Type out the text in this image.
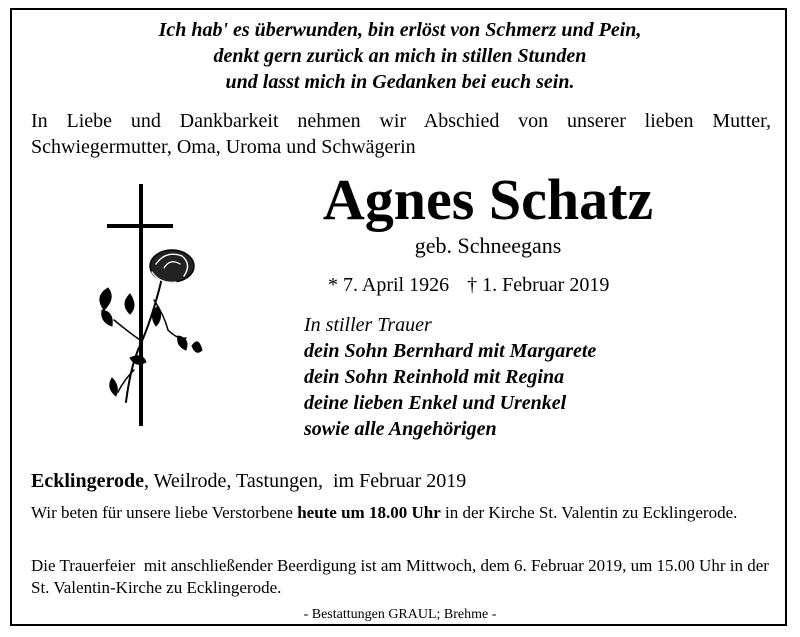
Ich hab' es überwunden, bin erlöst von Schmerz und Pein,
denkt gern zurück an mich in stillen Stunden
und lasst mich in Gedanken bei euch sein.
In Liebe und Dankbarkeit nehmen wir Abschied von unserer lieben Mutter, Schwiegermutter, Oma, Uroma und Schwägerin
Agnes Schatz
geb. Schneegans
* 7. April 1926 † 1. Februar 2019
In stiller Trauer
dein Sohn Bernhard mit Margarete
dein Sohn Reinhold mit Regina
deine lieben Enkel und Urenkel
sowie alle Angehörigen
Ecklingerode, Weilrode, Tastungen,  im Februar 2019
Wir beten für unsere liebe Verstorbene heute um 18.00 Uhr in der Kirche St. Valentin zu Ecklingerode.
Die Trauerfeier  mit anschließender Beerdigung ist am Mittwoch, dem 6. Februar 2019, um 15.00 Uhr in der St. Valentin-Kirche zu Ecklingerode.
- Bestattungen GRAUL; Brehme -
